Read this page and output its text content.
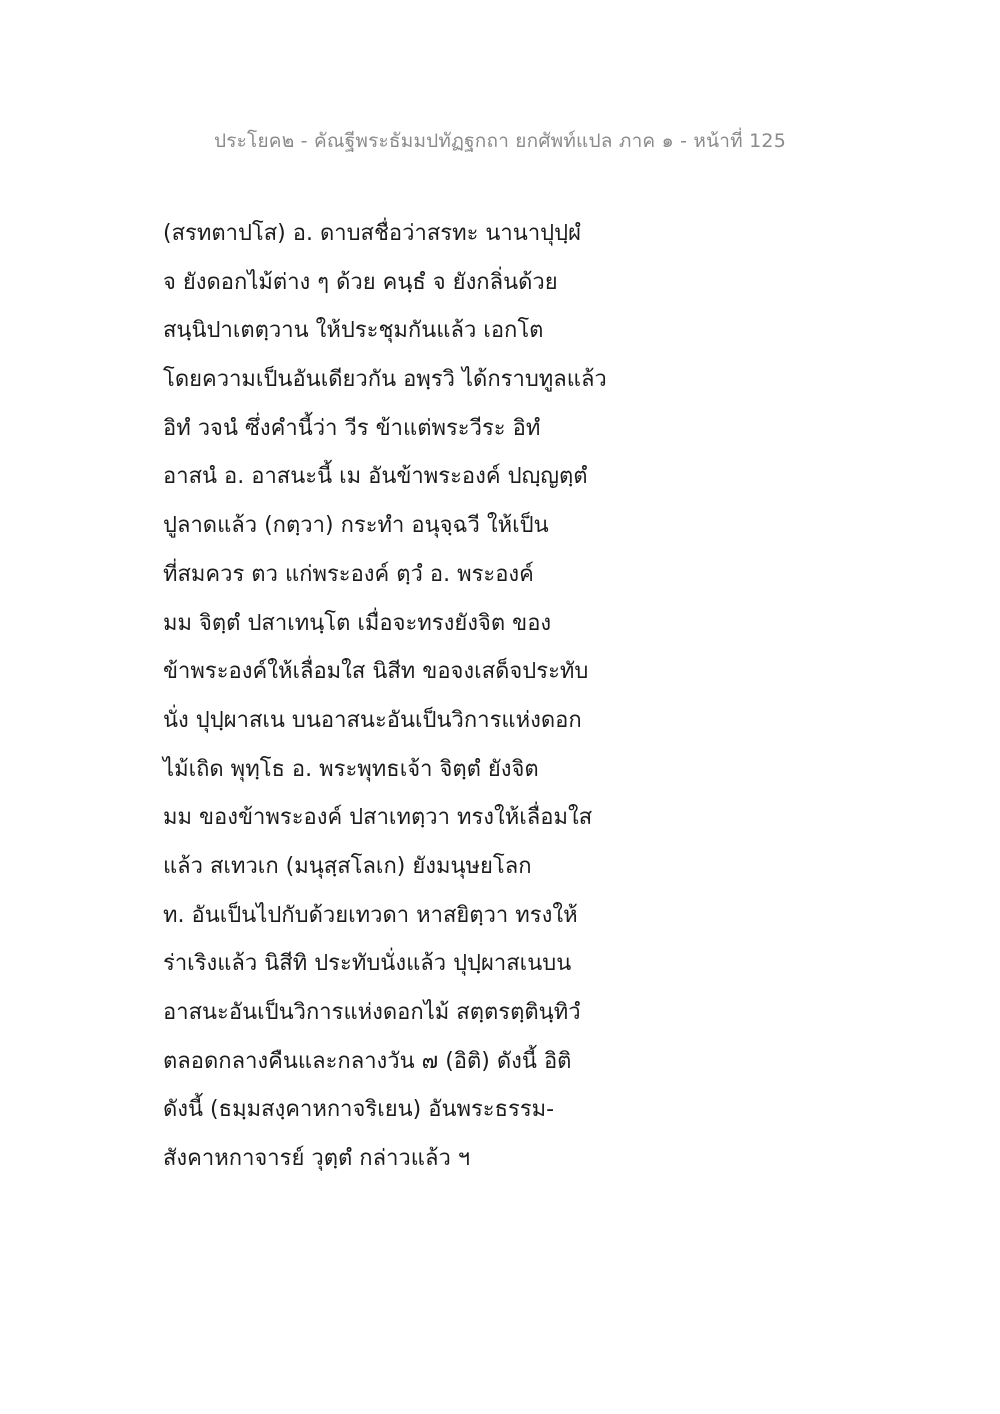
ประโยค๒ - คัณฐีพระธัมมปทัฏฐกถา ยกศัพท์แปล ภาค ๑ - หน้าที่ 125
(สรทตาปโส) อ. ดาบสชื่อว่าสรทะ นานาปุปฺผํ
จ ยังดอกไม้ต่าง ๆ ด้วย คนฺธํ จ ยังกลิ่นด้วย
สนฺนิปาเตตฺวาน ให้ประชุมกันแล้ว เอกโต
โดยความเป็นอันเดียวกัน อพฺรวิ ได้กราบทูลแล้ว
อิทํ วจนํ ซึ่งคำนี้ว่า วีร ข้าแต่พระวีระ อิทํ
อาสนํ อ. อาสนะนี้ เม อันข้าพระองค์ ปญฺญตฺตํ
ปูลาดแล้ว (กตฺวา) กระทำ อนุจฺฉวี ให้เป็น
ที่สมควร ตว แก่พระองค์ ตฺวํ อ. พระองค์
มม จิตฺตํ ปสาเทนฺโต เมื่อจะทรงยังจิต ของ
ข้าพระองค์ให้เลื่อมใส นิสีท ขอจงเสด็จประทับ
นั่ง ปุปฺผาสเน บนอาสนะอันเป็นวิการแห่งดอก
ไม้เถิด พุทฺโธ อ. พระพุทธเจ้า จิตฺตํ ยังจิต
มม ของข้าพระองค์ ปสาเทตฺวา ทรงให้เลื่อมใส
แล้ว สเทวเก (มนุสฺสโลเก) ยังมนุษยโลก
ท. อันเป็นไปกับด้วยเทวดา หาสยิตฺวา ทรงให้
ร่าเริงแล้ว นิสีทิ ประทับนั่งแล้ว ปุปฺผาสเนบน
อาสนะอันเป็นวิการแห่งดอกไม้ สตฺตรตฺตินฺทิวํ
ตลอดกลางคืนและกลางวัน ๗ (อิติ) ดังนี้ อิติ
ดังนี้ (ธมฺมสงฺคาหกาจริเยน) อันพระธรรม-
สังคาหกาจารย์ วุตฺตํ กล่าวแล้ว ฯ
